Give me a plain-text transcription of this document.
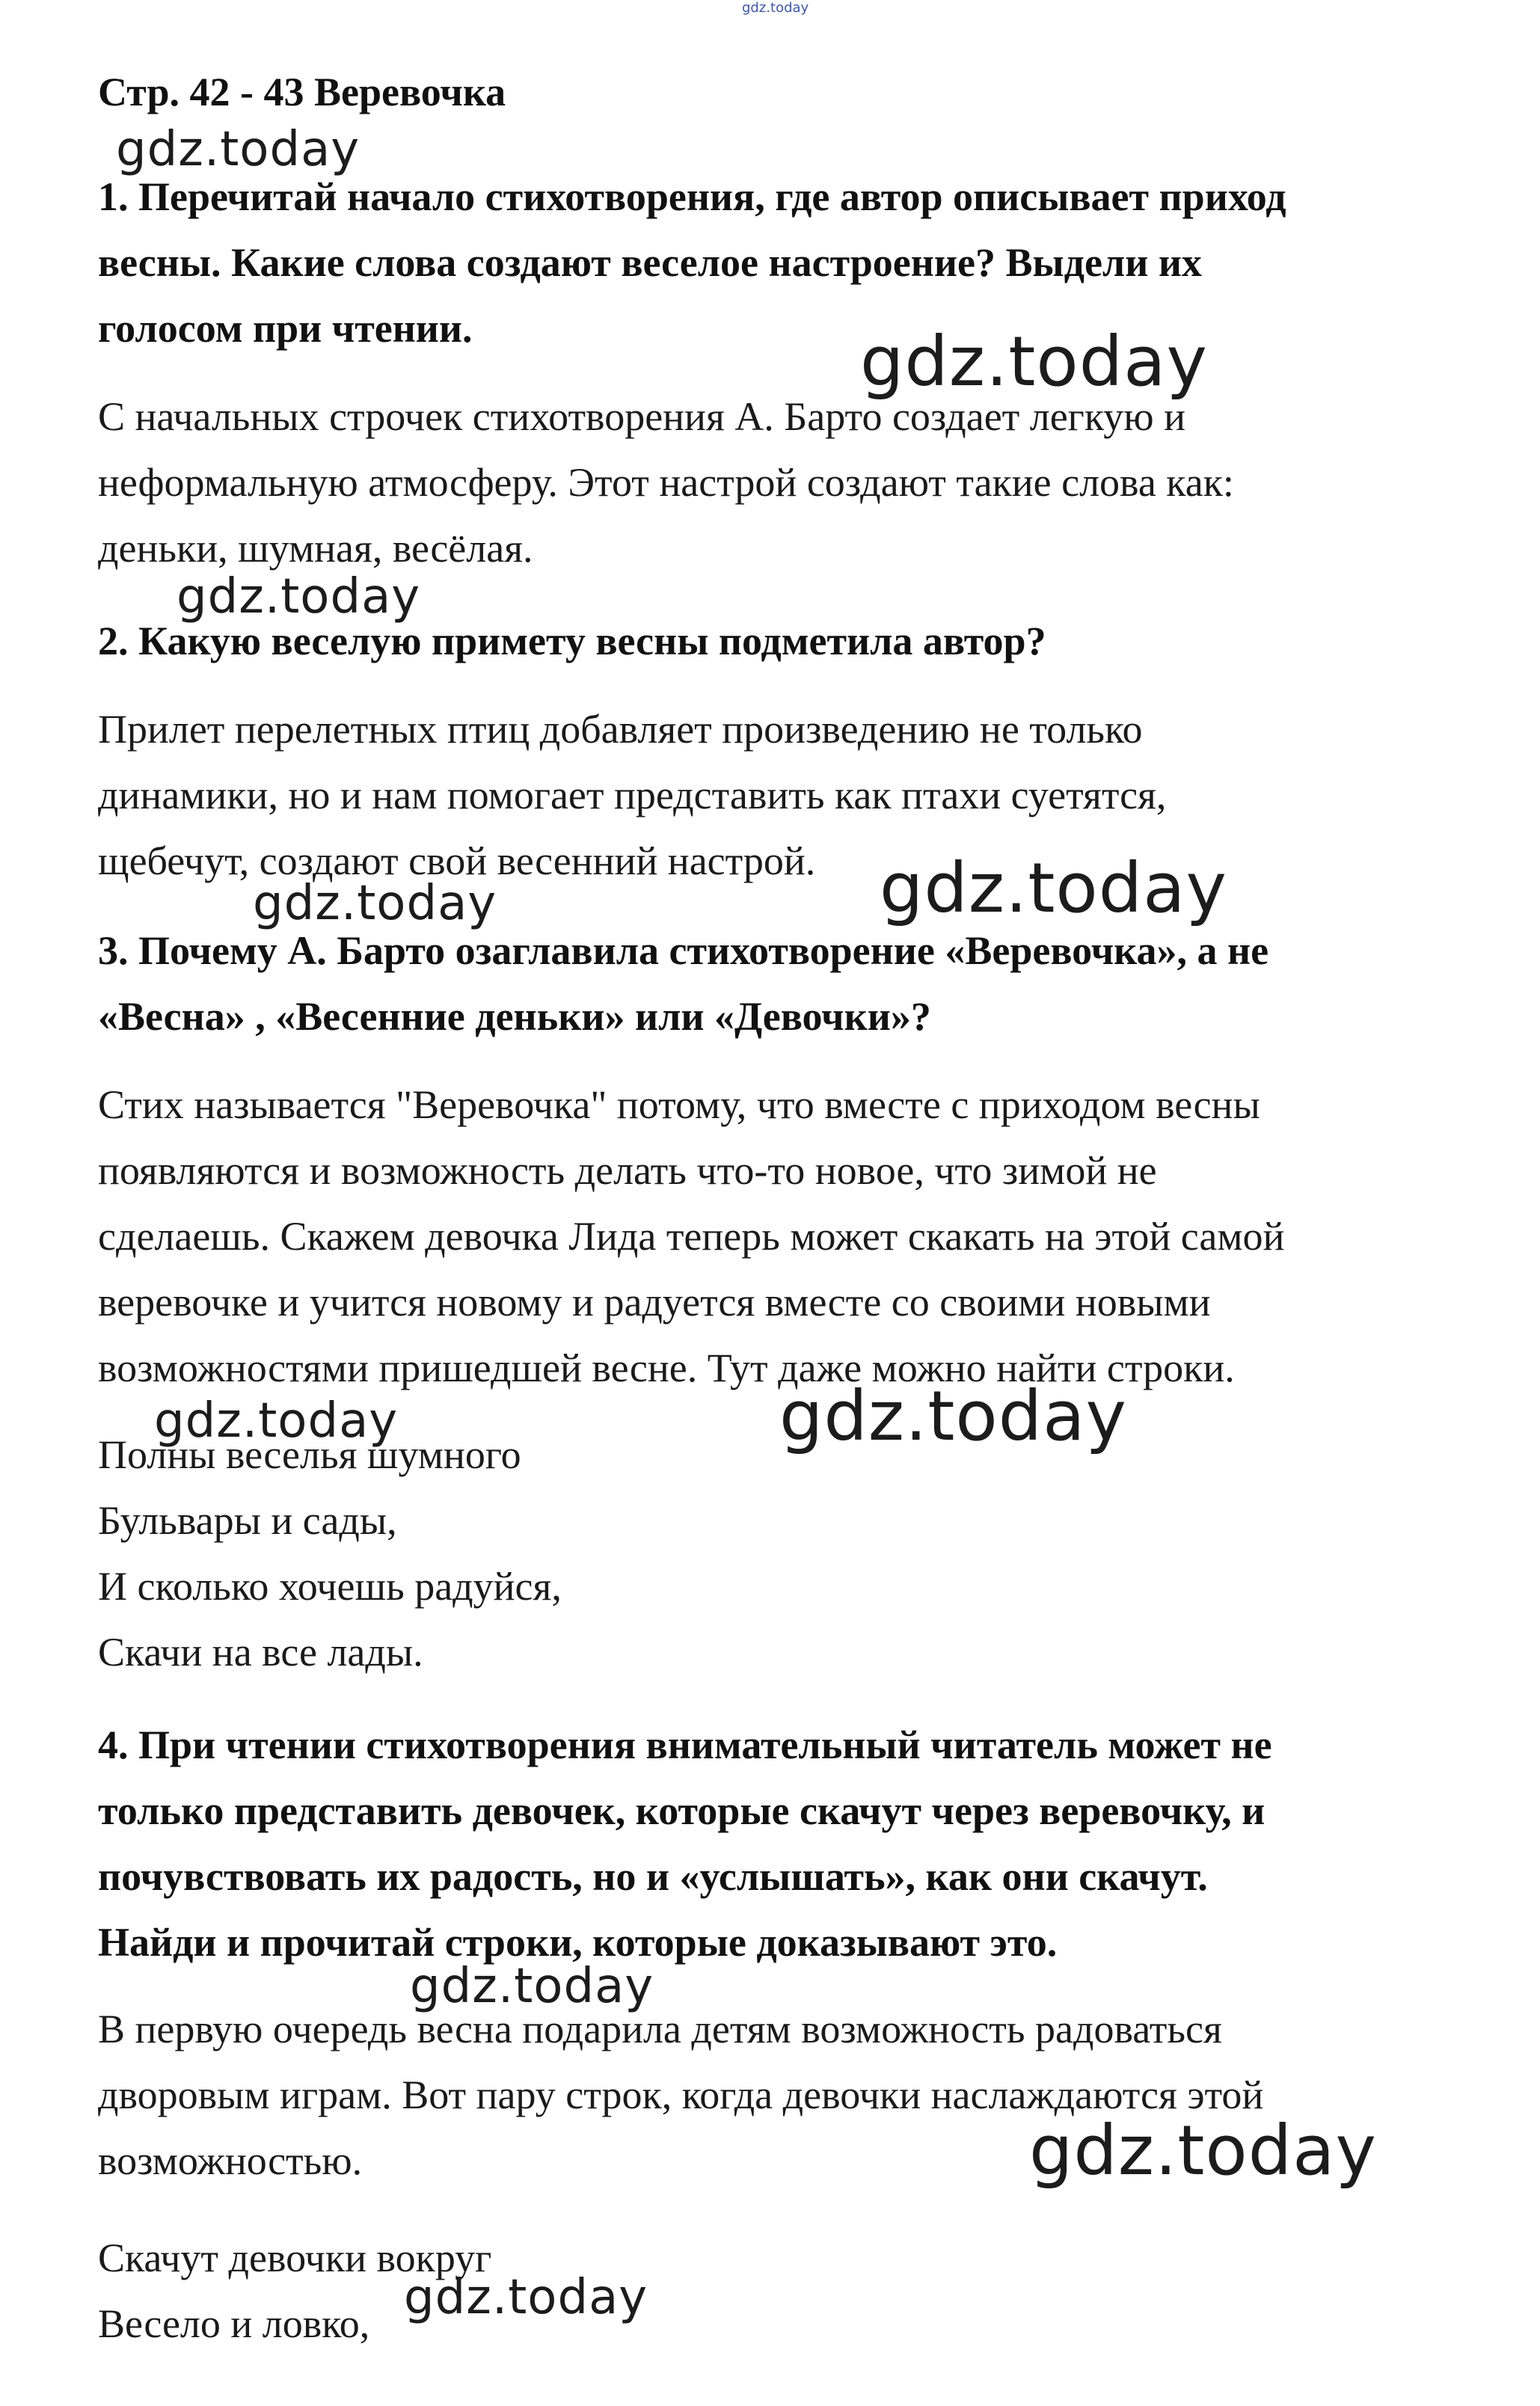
gdz.today
Стр. 42 - 43 Веревочка
1. Перечитай начало стихотворения, где автор описывает приход
весны. Какие слова создают веселое настроение? Выдели их
голосом при чтении.
С начальных строчек стихотворения А. Барто создает легкую и
неформальную атмосферу. Этот настрой создают такие слова как:
деньки, шумная, весёлая.
2. Какую веселую примету весны подметила автор?
Прилет перелетных птиц добавляет произведению не только
динамики, но и нам помогает представить как птахи суетятся,
щебечут, создают свой весенний настрой.
3. Почему А. Барто озаглавила стихотворение «Веревочка», а не
«Весна» , «Весенние деньки» или «Девочки»?
Стих называется "Веревочка" потому, что вместе с приходом весны
появляются и возможность делать что-то новое, что зимой не
сделаешь. Скажем девочка Лида теперь может скакать на этой самой
веревочке и учится новому и радуется вместе со своими новыми
возможностями пришедшей весне. Тут даже можно найти строки.
Полны веселья шумного
Бульвары и сады,
И сколько хочешь радуйся,
Скачи на все лады.
4. При чтении стихотворения внимательный читатель может не
только представить девочек, которые скачут через веревочку, и
почувствовать их радость, но и «услышать», как они скачут.
Найди и прочитай строки, которые доказывают это.
В первую очередь весна подарила детям возможность радоваться
дворовым играм. Вот пару строк, когда девочки наслаждаются этой
возможностью.
Скачут девочки вокруг
Весело и ловко,
gdz.today
gdz.today
gdz.today
gdz.today
gdz.today
gdz.today	gdz.today
gdz.today
gdz.today
gdz.today
